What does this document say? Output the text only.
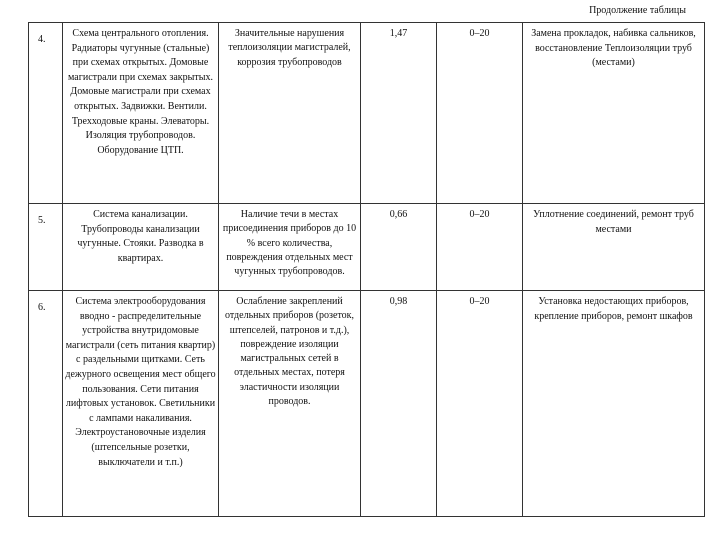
Продолжение таблицы
4.	Схема центрального отопления. Радиаторы чугунные (стальные) при схемах открытых. Домовые магистрали при схемах закрытых. Домовые магистрали при схемах открытых. Задвижки. Вентили. Трехходовые краны. Элеваторы. Изоляция трубопроводов. Оборудование ЦТП.	Значительные нарушения теплоизоляции магистралей, коррозия трубопроводов	1,47	0–20	Замена прокладок, набивка сальников, восстановление Теплоизоляции труб (местами)
5.	Система канализации. Трубопроводы канализации чугунные. Стояки. Разводка в квартирах.	Наличие течи в местах присоединения приборов до 10 % всего количества, повреждения отдельных мест чугунных трубопроводов.	0,66	0–20	Уплотнение соединений, ремонт труб местами
6.	Система электрооборудования вводно - распределительные устройства внутридомовые магистрали (сеть питания квартир) с раздельными щитками. Сеть дежурного освещения мест общего пользования. Сети питания лифтовых установок. Светильники с лампами накаливания. Электроустановочные изделия (штепсельные розетки, выключатели и т.п.)	Ослабление закреплений отдельных приборов (розеток, штепселей, патронов и т.д.), повреждение изоляции магистральных сетей в отдельных местах, потеря эластичности изоляции проводов.	0,98	0–20	Установка недостающих приборов, крепление приборов, ремонт шкафов
